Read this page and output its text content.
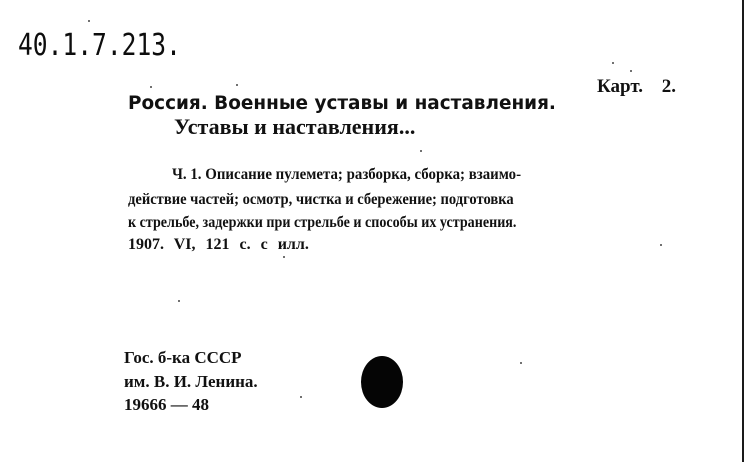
40.1.7.213.
Карт. 2.
Россия. Военные уставы и наставления.
Уставы и наставления...
Ч. 1. Описание пулемета; разборка, сборка; взаимо-
действие частей; осмотр, чистка и сбережение; подготовка
к стрельбе, задержки при стрельбе и способы их устранения.
1907. VI, 121 с. с илл.
Гос. б-ка СССР
им. В. И. Ленина.
19666 — 48
